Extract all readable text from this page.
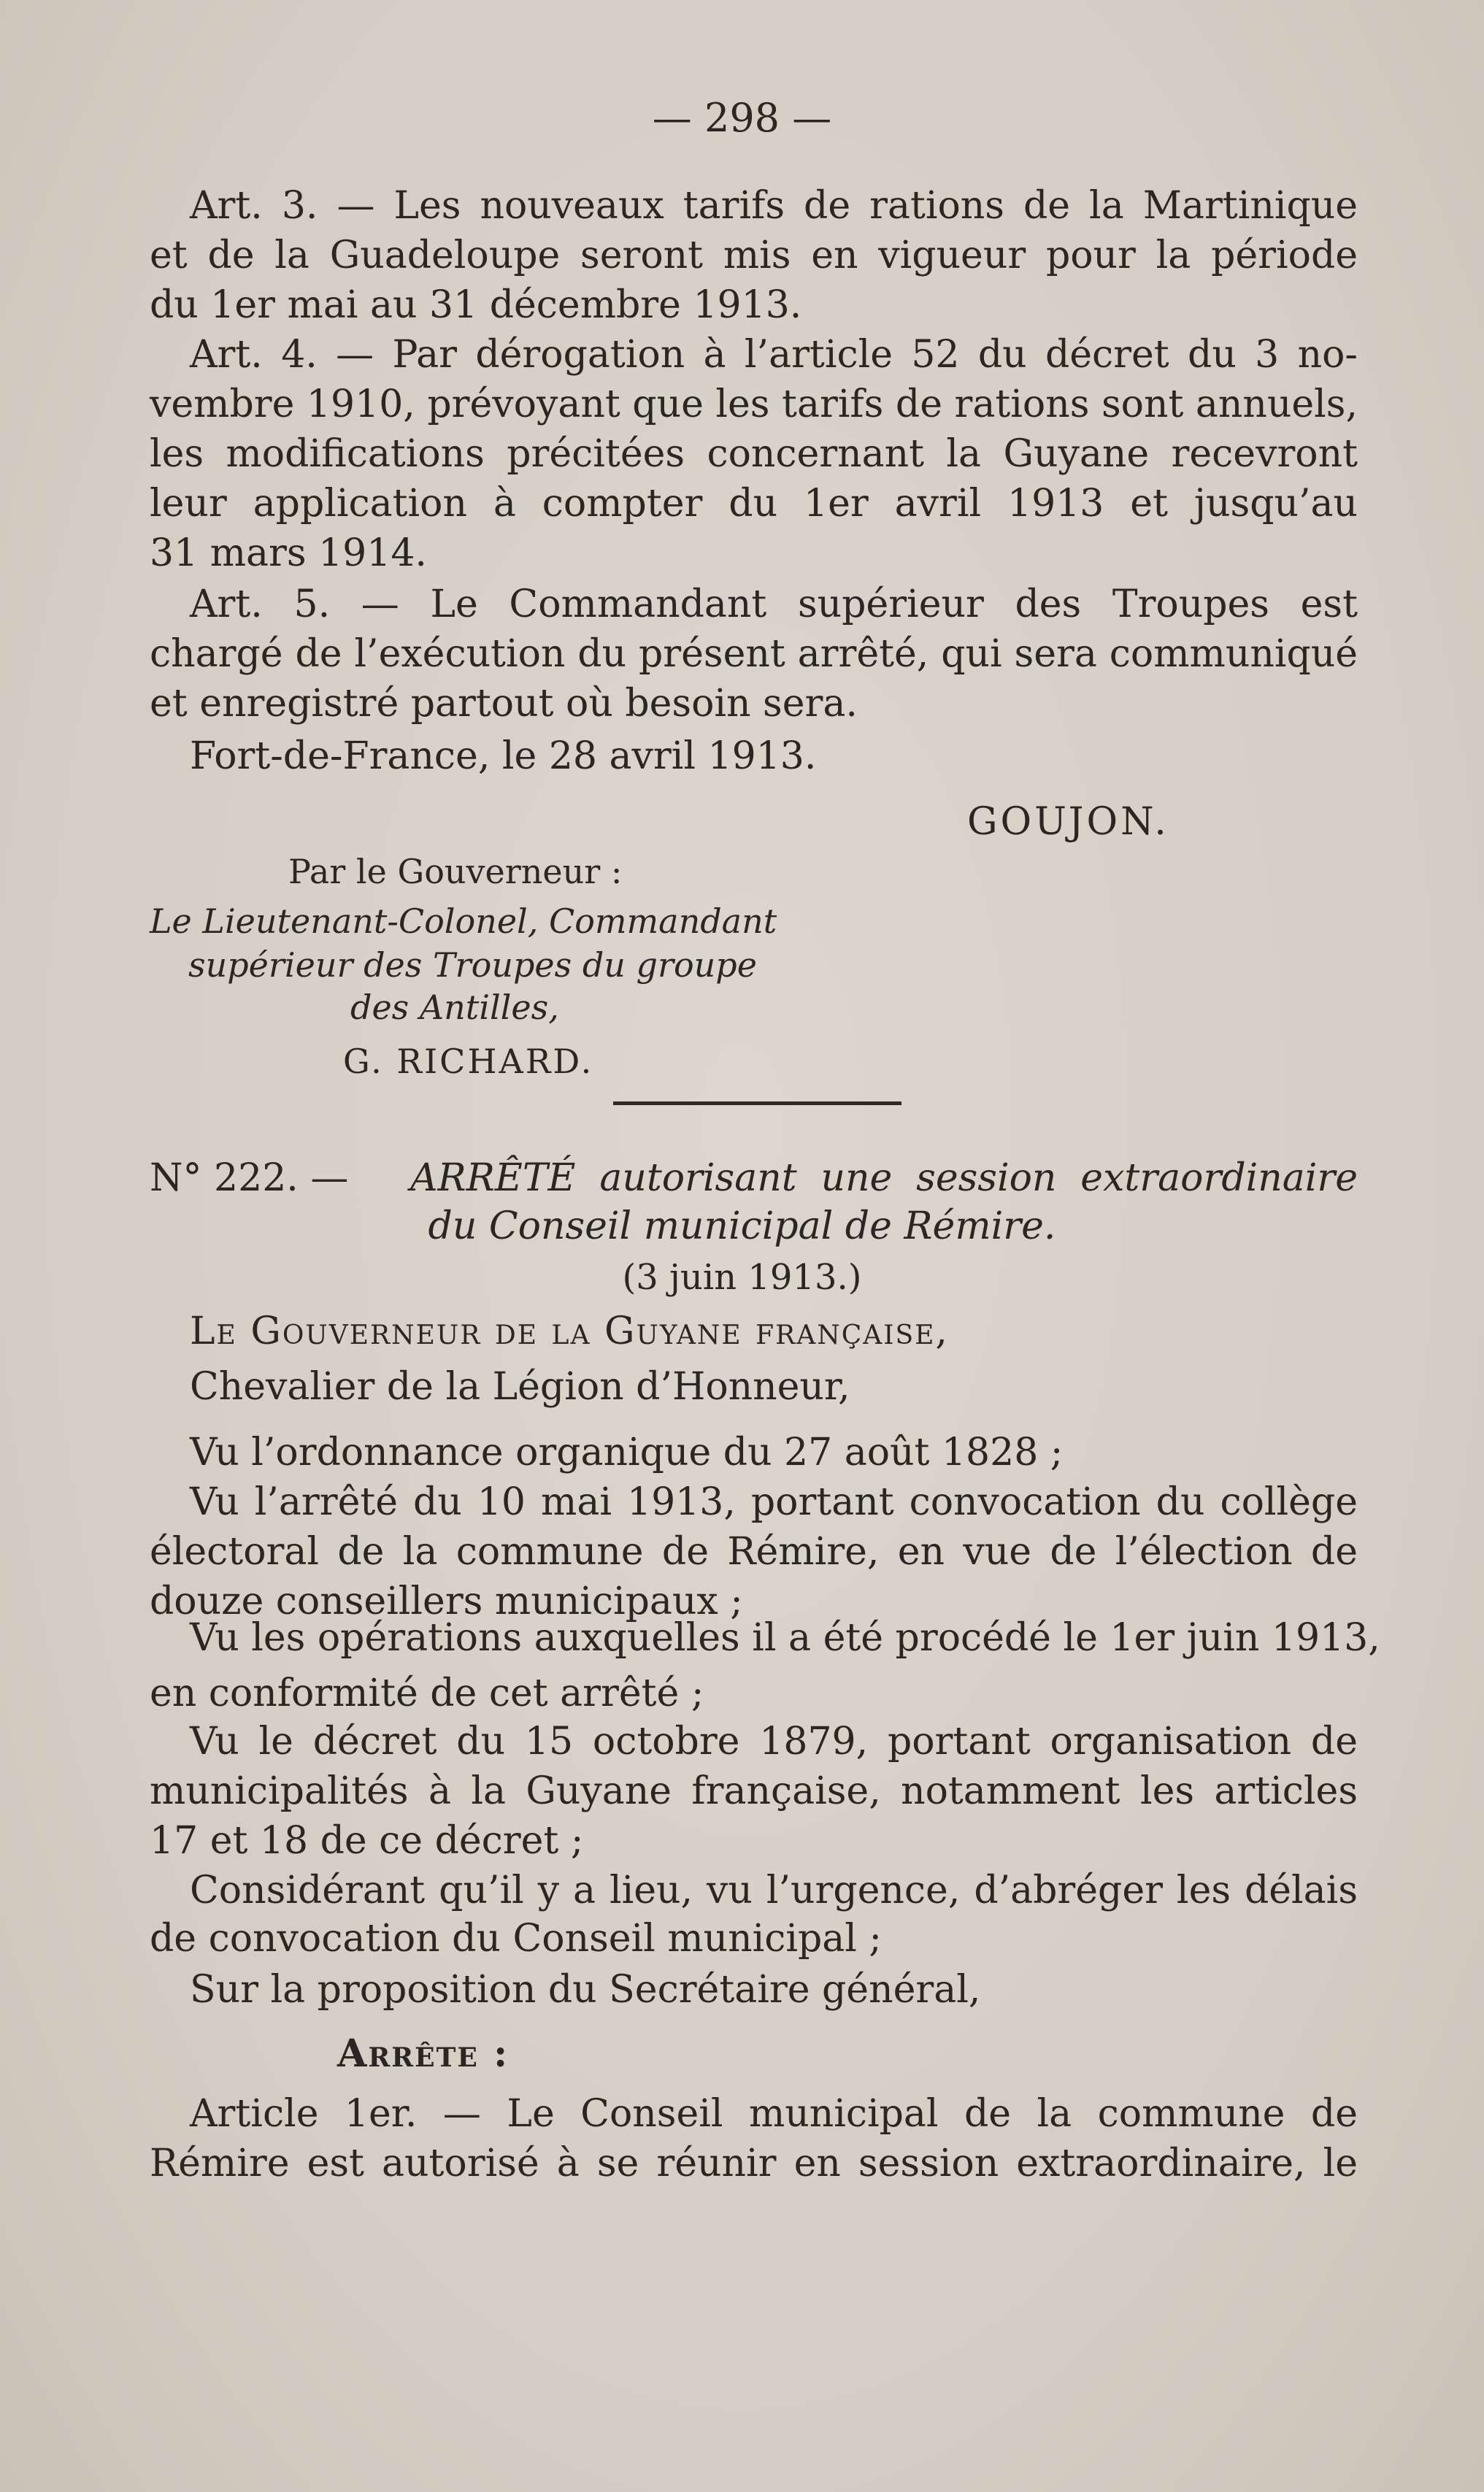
— 298 —
Art. 3. — Les nouveaux tarifs de rations de la Martinique
et de la Guadeloupe seront mis en vigueur pour la période
du 1er mai au 31 décembre 1913.
Art. 4. — Par dérogation à l’article 52 du décret du 3 no-
vembre 1910, prévoyant que les tarifs de rations sont annuels,
les modifications précitées concernant la Guyane recevront
leur application à compter du 1er avril 1913 et jusqu’au
31 mars 1914.
Art. 5. — Le Commandant supérieur des Troupes est
chargé de l’exécution du présent arrêté, qui sera communiqué
et enregistré partout où besoin sera.
Fort-de-France, le 28 avril 1913.
GOUJON.
Par le Gouverneur :
Le Lieutenant-Colonel, Commandant
supérieur des Troupes du groupe
des Antilles,
G. RICHARD.
N° 222. —	ARRÊTÉ autorisant une session extraordinaire
du Conseil municipal de Rémire.
(3 juin 1913.)
Le Gouverneur de la Guyane française,
Chevalier de la Légion d’Honneur,
Vu l’ordonnance organique du 27 août 1828 ;
Vu l’arrêté du 10 mai 1913, portant convocation du collège
électoral de la commune de Rémire, en vue de l’élection de
douze conseillers municipaux ;
Vu les opérations auxquelles il a été procédé le 1er juin 1913,
en conformité de cet arrêté ;
Vu le décret du 15 octobre 1879, portant organisation de
municipalités à la Guyane française, notamment les articles
17 et 18 de ce décret ;
Considérant qu’il y a lieu, vu l’urgence, d’abréger les délais
de convocation du Conseil municipal ;
Sur la proposition du Secrétaire général,
Arrête :
Article 1er. — Le Conseil municipal de la commune de
Rémire est autorisé à se réunir en session extraordinaire, le
